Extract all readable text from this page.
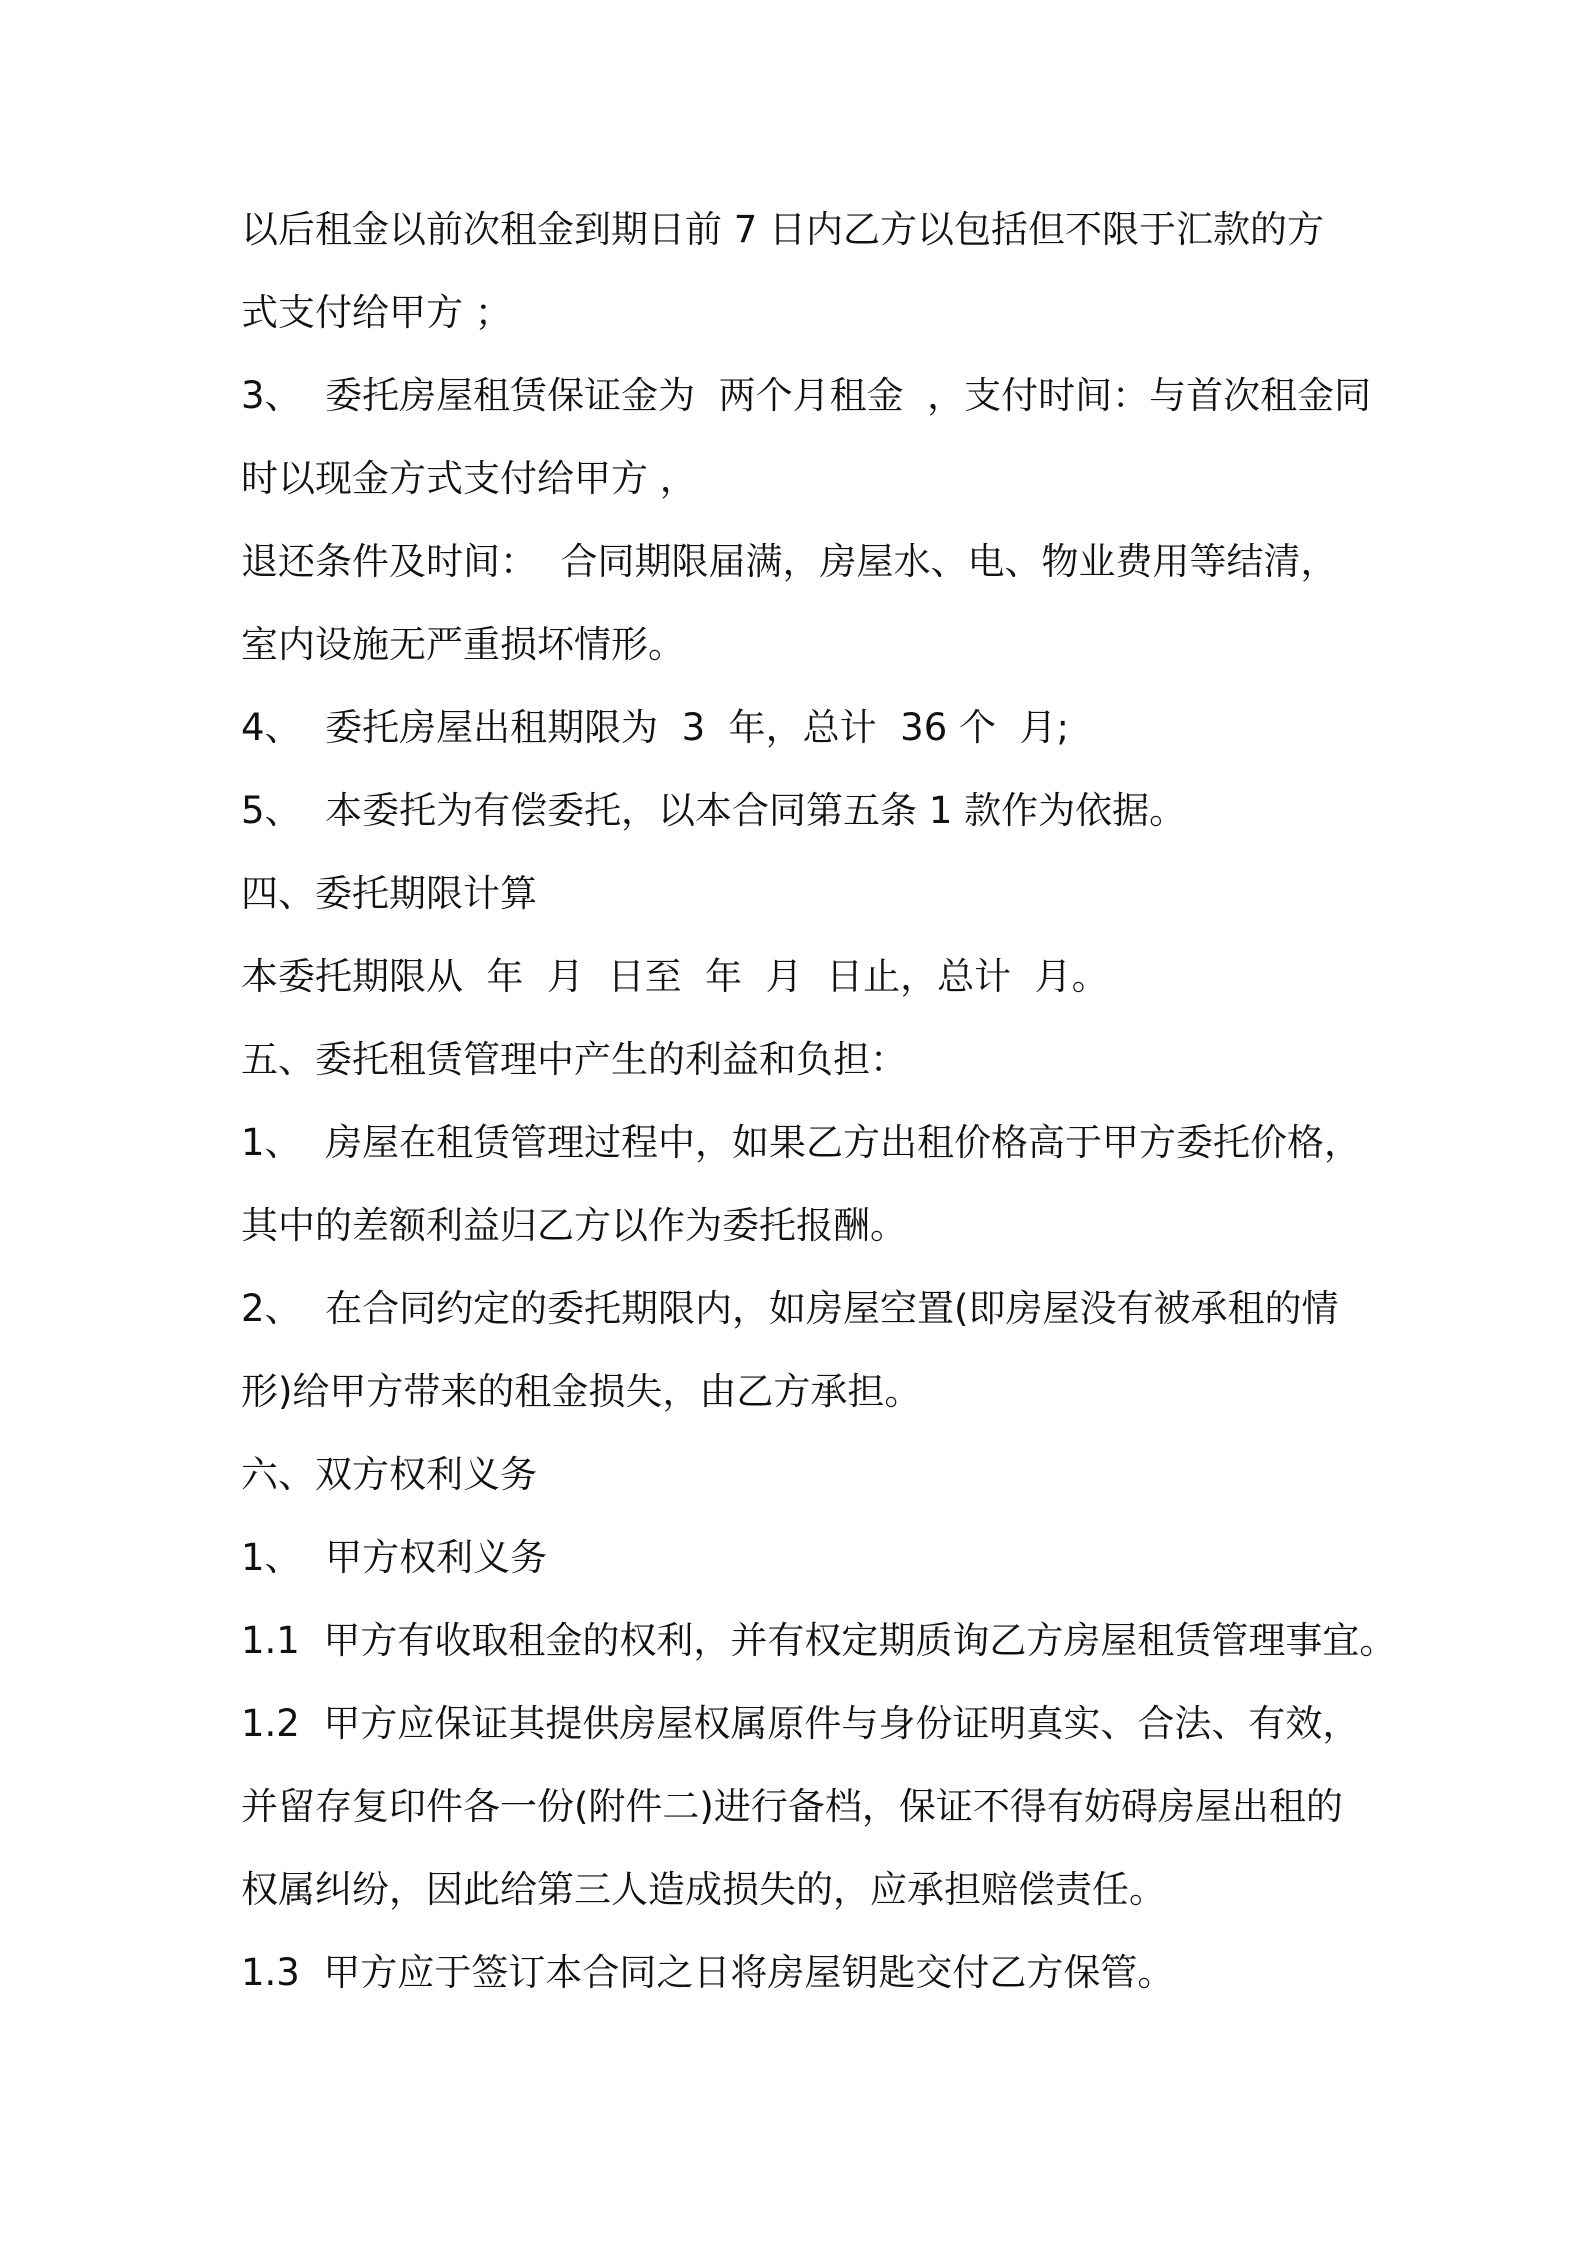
以后租金以前次租金到期日前 7 日内乙方以包括但不限于汇款的方
式支付给甲方 ；
3、  委托房屋租赁保证金为  两个月租金  ，支付时间：与首次租金同
时以现金方式支付给甲方 ，
退还条件及时间：  合同期限届满，房屋水、电、物业费用等结清，
室内设施无严重损坏情形。
4、  委托房屋出租期限为  3  年，总计  36 个  月;
5、  本委托为有偿委托，以本合同第五条 1 款作为依据。
四、委托期限计算
本委托期限从  年  月  日至  年  月  日止，总计  月。
五、委托租赁管理中产生的利益和负担：
1、  房屋在租赁管理过程中，如果乙方出租价格高于甲方委托价格，
其中的差额利益归乙方以作为委托报酬。
2、  在合同约定的委托期限内，如房屋空置(即房屋没有被承租的情
形)给甲方带来的租金损失，由乙方承担。
六、双方权利义务
1、  甲方权利义务
1.1  甲方有收取租金的权利，并有权定期质询乙方房屋租赁管理事宜。
1.2  甲方应保证其提供房屋权属原件与身份证明真实、合法、有效，
并留存复印件各一份(附件二)进行备档，保证不得有妨碍房屋出租的
权属纠纷，因此给第三人造成损失的，应承担赔偿责任。
1.3  甲方应于签订本合同之日将房屋钥匙交付乙方保管。
